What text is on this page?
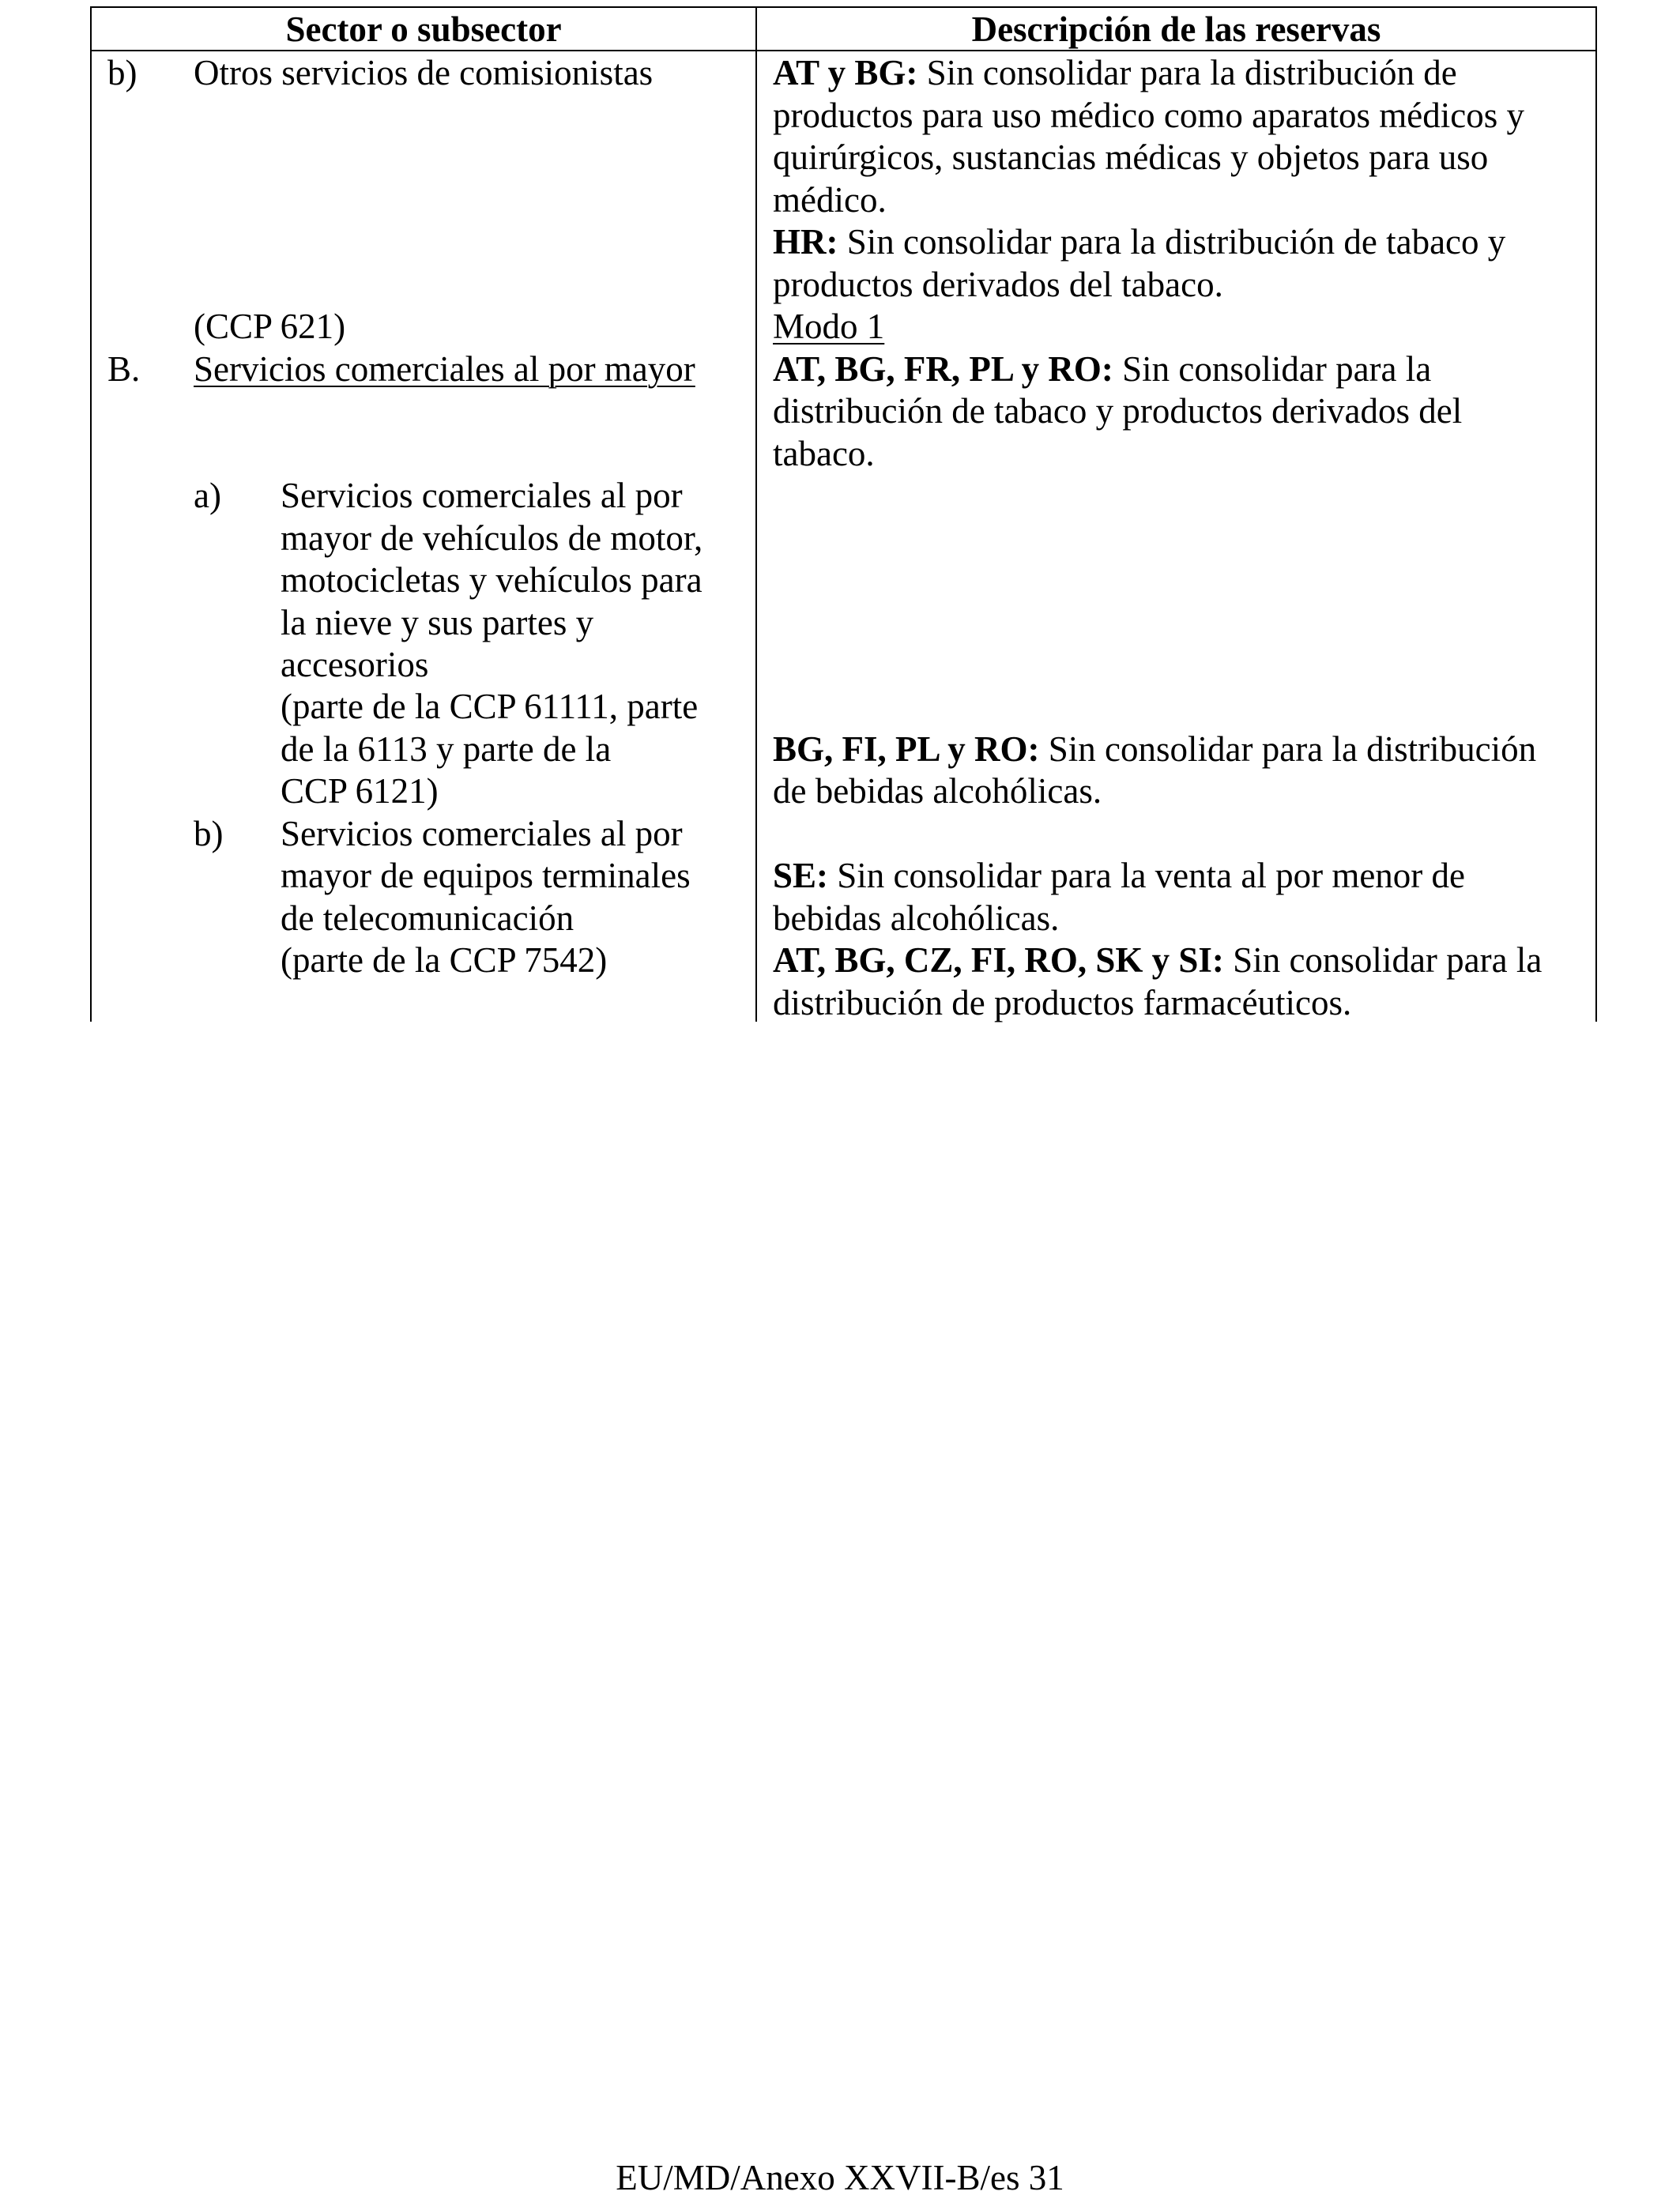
Sector o subsector	Descripción de las reservas
b) Otros servicios de comisionistas
(CCP 621)
B. Servicios comerciales al por mayor
a) Servicios comerciales al por
mayor de vehículos de motor,
motocicletas y vehículos para
la nieve y sus partes y
accesorios
(parte de la CCP 61111, parte
de la 6113 y parte de la
CCP 6121)
b) Servicios comerciales al por
mayor de equipos terminales
de telecomunicación
(parte de la CCP 7542)
AT y BG: Sin consolidar para la distribución de
productos para uso médico como aparatos médicos y
quirúrgicos, sustancias médicas y objetos para uso
médico.
HR: Sin consolidar para la distribución de tabaco y
productos derivados del tabaco.
Modo 1
AT, BG, FR, PL y RO: Sin consolidar para la
distribución de tabaco y productos derivados del
tabaco.
BG, FI, PL y RO: Sin consolidar para la distribución
de bebidas alcohólicas.
SE: Sin consolidar para la venta al por menor de
bebidas alcohólicas.
AT, BG, CZ, FI, RO, SK y SI: Sin consolidar para la
distribución de productos farmacéuticos.
EU/MD/Anexo XXVII-B/es 31
